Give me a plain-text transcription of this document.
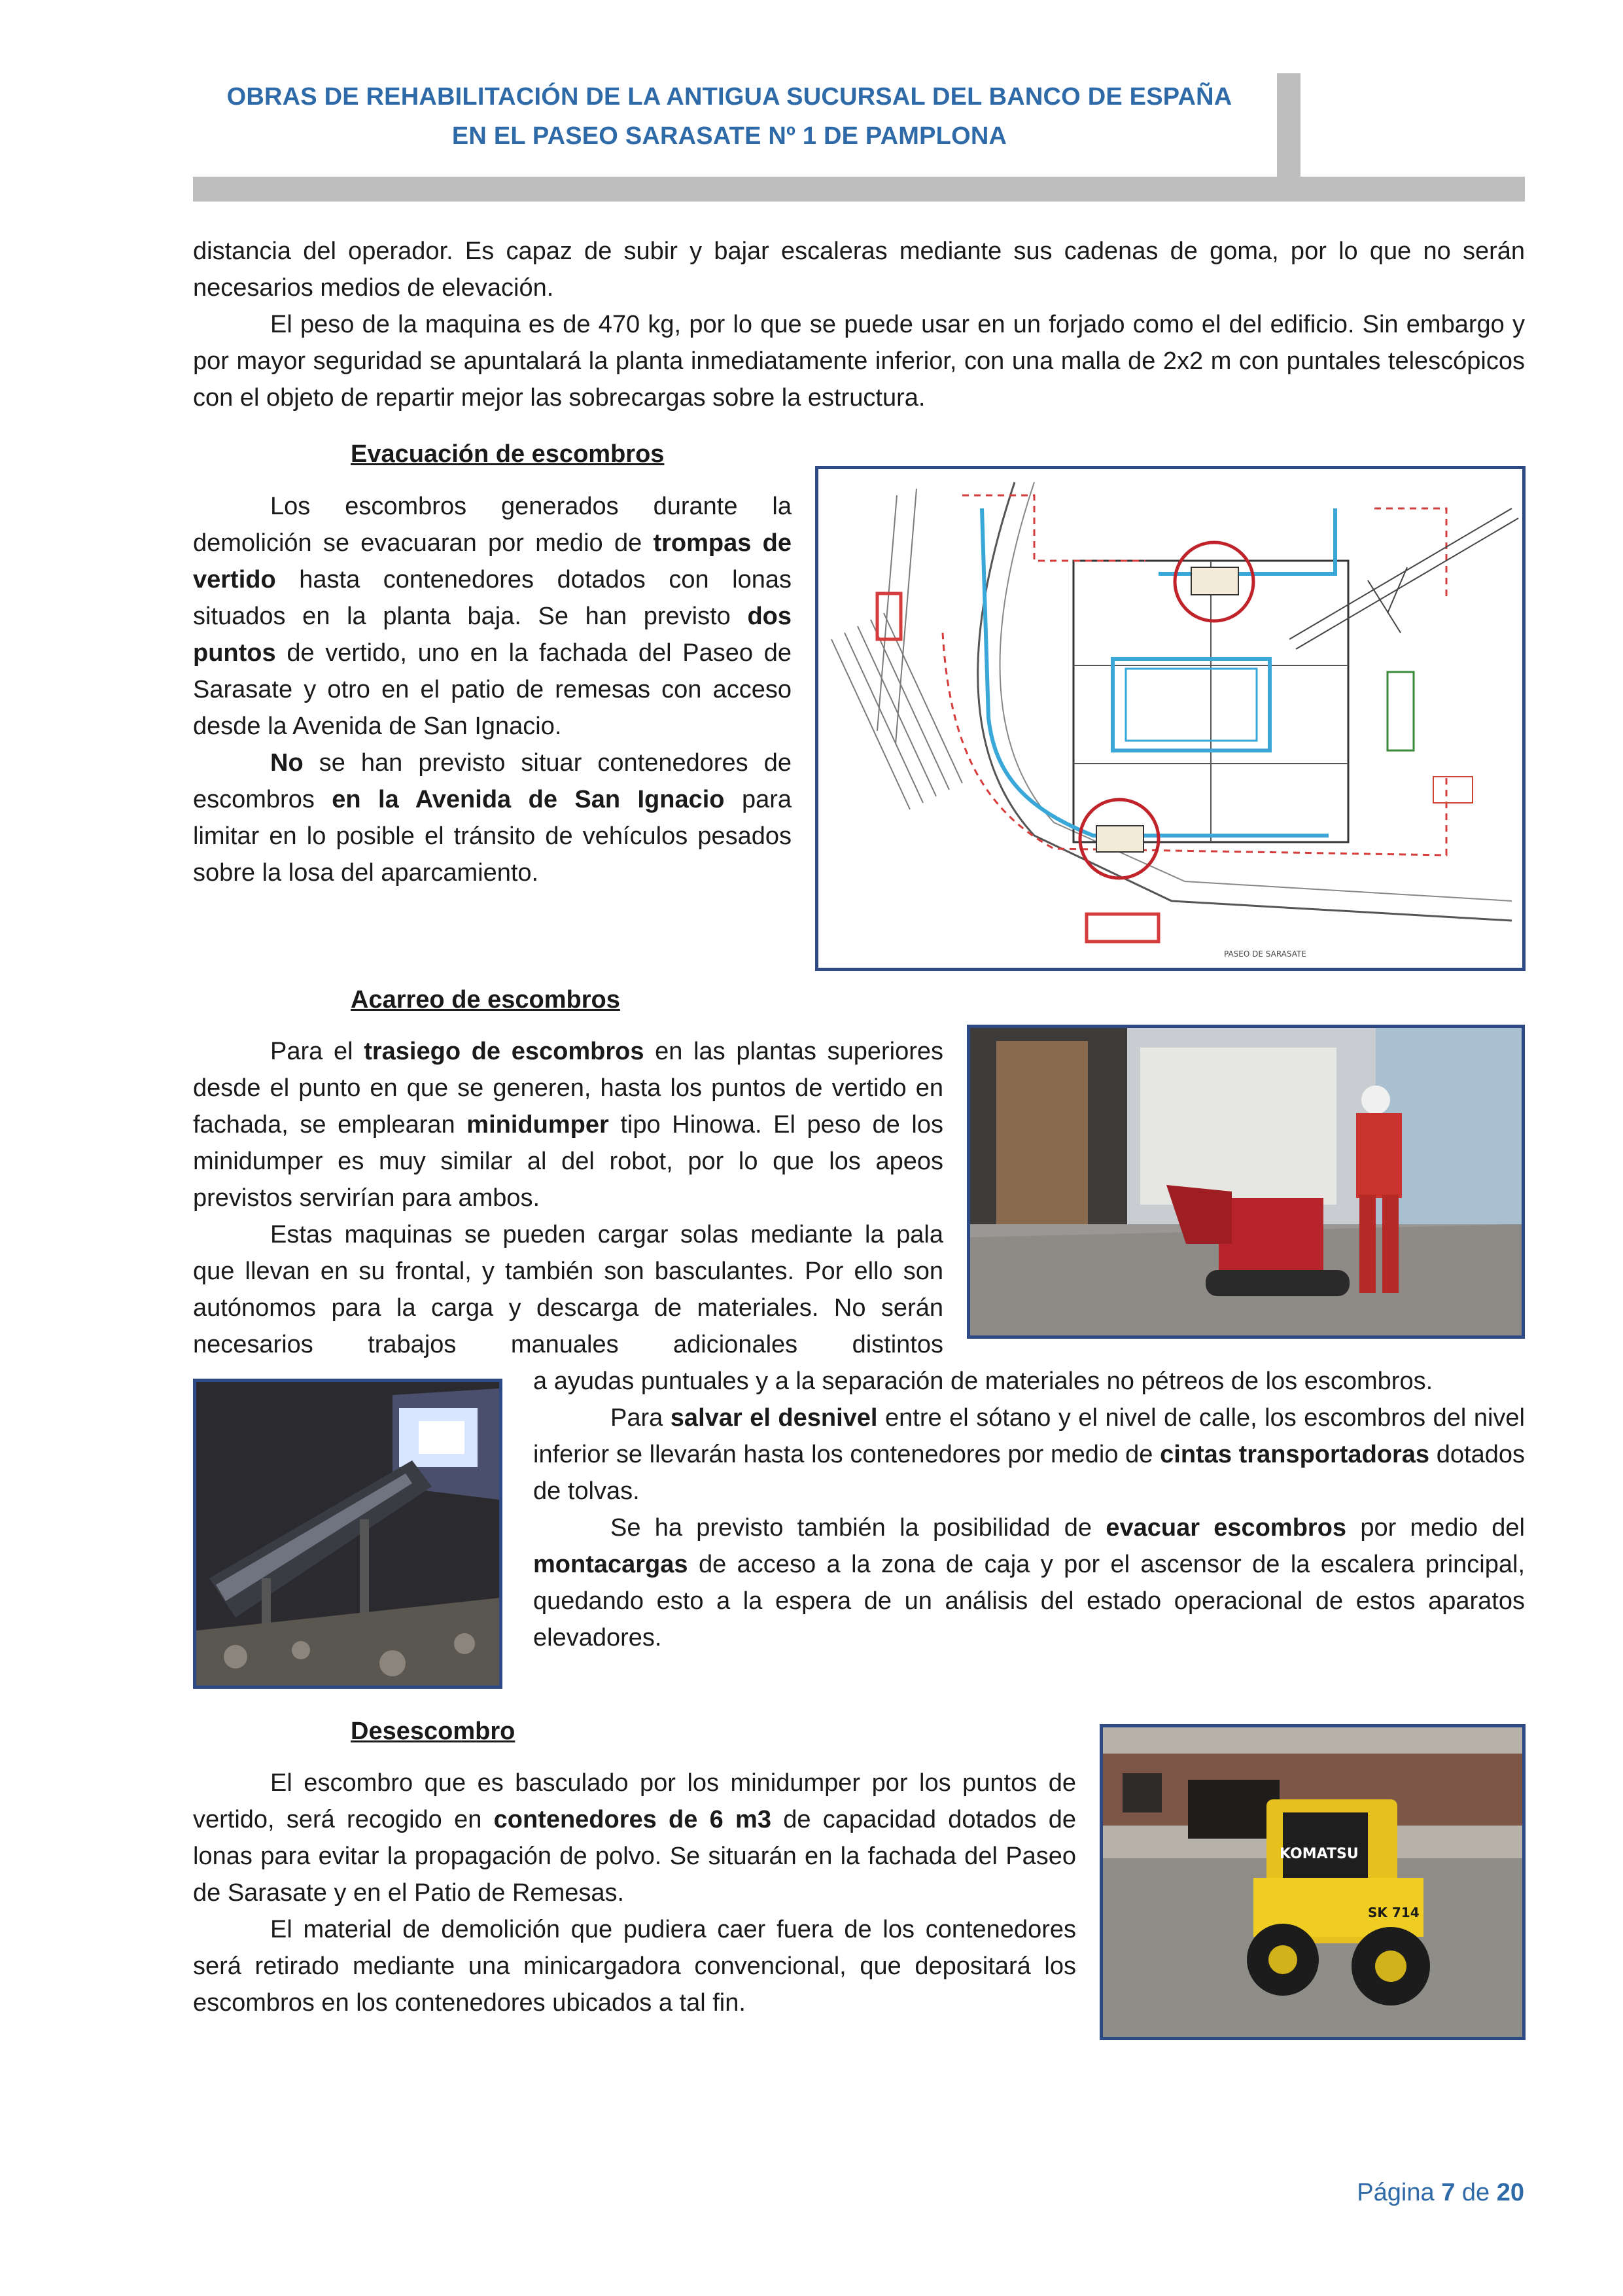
OBRAS DE REHABILITACIÓN DE LA ANTIGUA SUCURSAL DEL BANCO DE ESPAÑA
EN EL PASEO SARASATE Nº 1 DE PAMPLONA

distancia del operador. Es capaz de subir y bajar escaleras mediante sus cadenas de goma, por lo que no serán necesarios medios de elevación.

El peso de la maquina es de 470 kg, por lo que se puede usar en un forjado como el del edificio. Sin embargo y por mayor seguridad se apuntalará la planta inmediatamente inferior, con una malla de 2x2 m con puntales telescópicos con el objeto de repartir mejor las sobrecargas sobre la estructura.

Evacuación de escombros

Los escombros generados durante la demolición se evacuaran por medio de trompas de vertido hasta contenedores dotados con lonas situados en la planta baja. Se han previsto dos puntos de vertido, uno en la fachada del Paseo de Sarasate y otro en el patio de remesas con acceso desde la Avenida de San Ignacio.

No se han previsto situar contenedores de escombros en la Avenida de San Ignacio para limitar en lo posible el tránsito de vehículos pesados sobre la losa del aparcamiento.

PASEO DE SARASATE
Acarreo de escombros

Para el trasiego de escombros en las plantas superiores desde el punto en que se generen, hasta los puntos de vertido en fachada, se emplearan minidumper tipo Hinowa. El peso de los minidumper es muy similar al del robot, por lo que los apeos previstos servirían para ambos.

Estas maquinas se pueden cargar solas mediante la pala que llevan en su frontal, y también son basculantes. Por ello son autónomos para la carga y descarga de materiales. No serán necesarios trabajos manuales adicionales distintos

a ayudas puntuales y a la separación de materiales no pétreos de los escombros.

Para salvar el desnivel entre el sótano y el nivel de calle, los escombros del nivel inferior se llevarán hasta los contenedores por medio de cintas transportadoras dotados de tolvas.

Se ha previsto también la posibilidad de evacuar escombros por medio del montacargas de acceso a la zona de caja y por el ascensor de la escalera principal, quedando esto a la espera de un análisis del estado operacional de estos aparatos elevadores.

Desescombro

El escombro que es basculado por los minidumper por los puntos de vertido, será recogido en contenedores de 6 m3 de capacidad dotados de lonas para evitar la propagación de polvo. Se situarán en la fachada del Paseo de Sarasate y en el Patio de Remesas.

El material de demolición que pudiera caer fuera de los contenedores será retirado mediante una minicargadora convencional, que depositará los escombros en los contenedores ubicados a tal fin.

KOMATSU
SK 714
Página 7 de 20
